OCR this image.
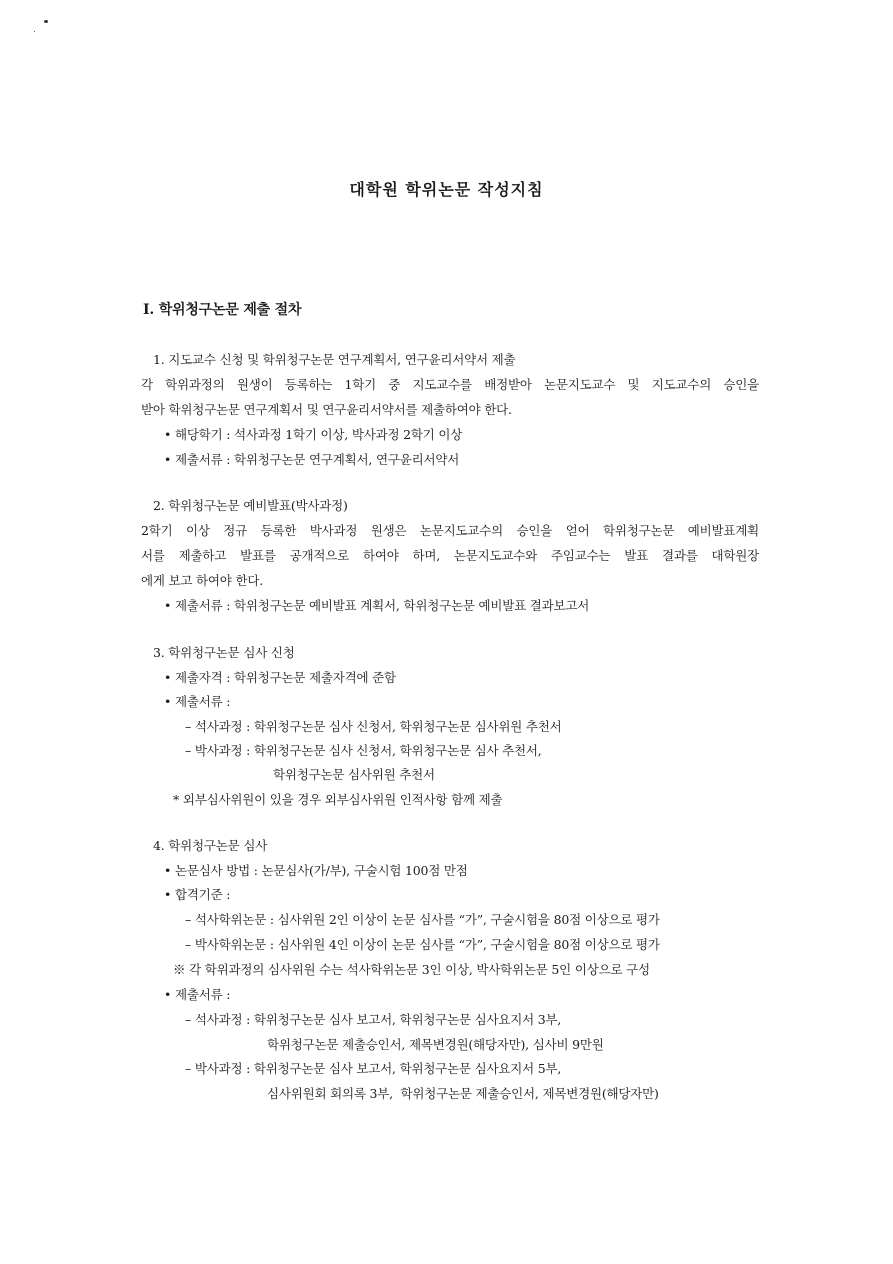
대학원 학위논문 작성지침
Ⅰ. 학위청구논문 제출 절차
1. 지도교수 신청 및 학위청구논문 연구계획서, 연구윤리서약서 제출
각 학위과정의 원생이 등록하는 1학기 중 지도교수를 배정받아 논문지도교수 및 지도교수의 승인을
받아 학위청구논문 연구계획서 및 연구윤리서약서를 제출하여야 한다.
• 해당학기 : 석사과정 1학기 이상, 박사과정 2학기 이상
• 제출서류 : 학위청구논문 연구계획서, 연구윤리서약서
2. 학위청구논문 예비발표(박사과정)
2학기 이상 정규 등록한 박사과정 원생은 논문지도교수의 승인을 얻어 학위청구논문 예비발표계획
서를 제출하고 발표를 공개적으로 하여야 하며, 논문지도교수와 주임교수는 발표 결과를 대학원장
에게 보고 하여야 한다.
• 제출서류 : 학위청구논문 예비발표 계획서, 학위청구논문 예비발표 결과보고서
3. 학위청구논문 심사 신청
• 제출자격 : 학위청구논문 제출자격에 준함
• 제출서류 :
– 석사과정 : 학위청구논문 심사 신청서, 학위청구논문 심사위원 추천서
– 박사과정 : 학위청구논문 심사 신청서, 학위청구논문 심사 추천서,
학위청구논문 심사위원 추천서
* 외부심사위원이 있을 경우 외부심사위원 인적사항 함께 제출
4. 학위청구논문 심사
• 논문심사 방법 : 논문심사(가/부), 구술시험 100점 만점
• 합격기준 :
– 석사학위논문 : 심사위원 2인 이상이 논문 심사를 “가”, 구술시험을 80점 이상으로 평가
– 박사학위논문 : 심사위원 4인 이상이 논문 심사를 “가”, 구술시험을 80점 이상으로 평가
※ 각 학위과정의 심사위원 수는 석사학위논문 3인 이상, 박사학위논문 5인 이상으로 구성
• 제출서류 :
– 석사과정 : 학위청구논문 심사 보고서, 학위청구논문 심사요지서 3부,
학위청구논문 제출승인서, 제목변경원(해당자만), 심사비 9만원
– 박사과정 : 학위청구논문 심사 보고서, 학위청구논문 심사요지서 5부,
심사위원회 회의록 3부,  학위청구논문 제출승인서, 제목변경원(해당자만)
